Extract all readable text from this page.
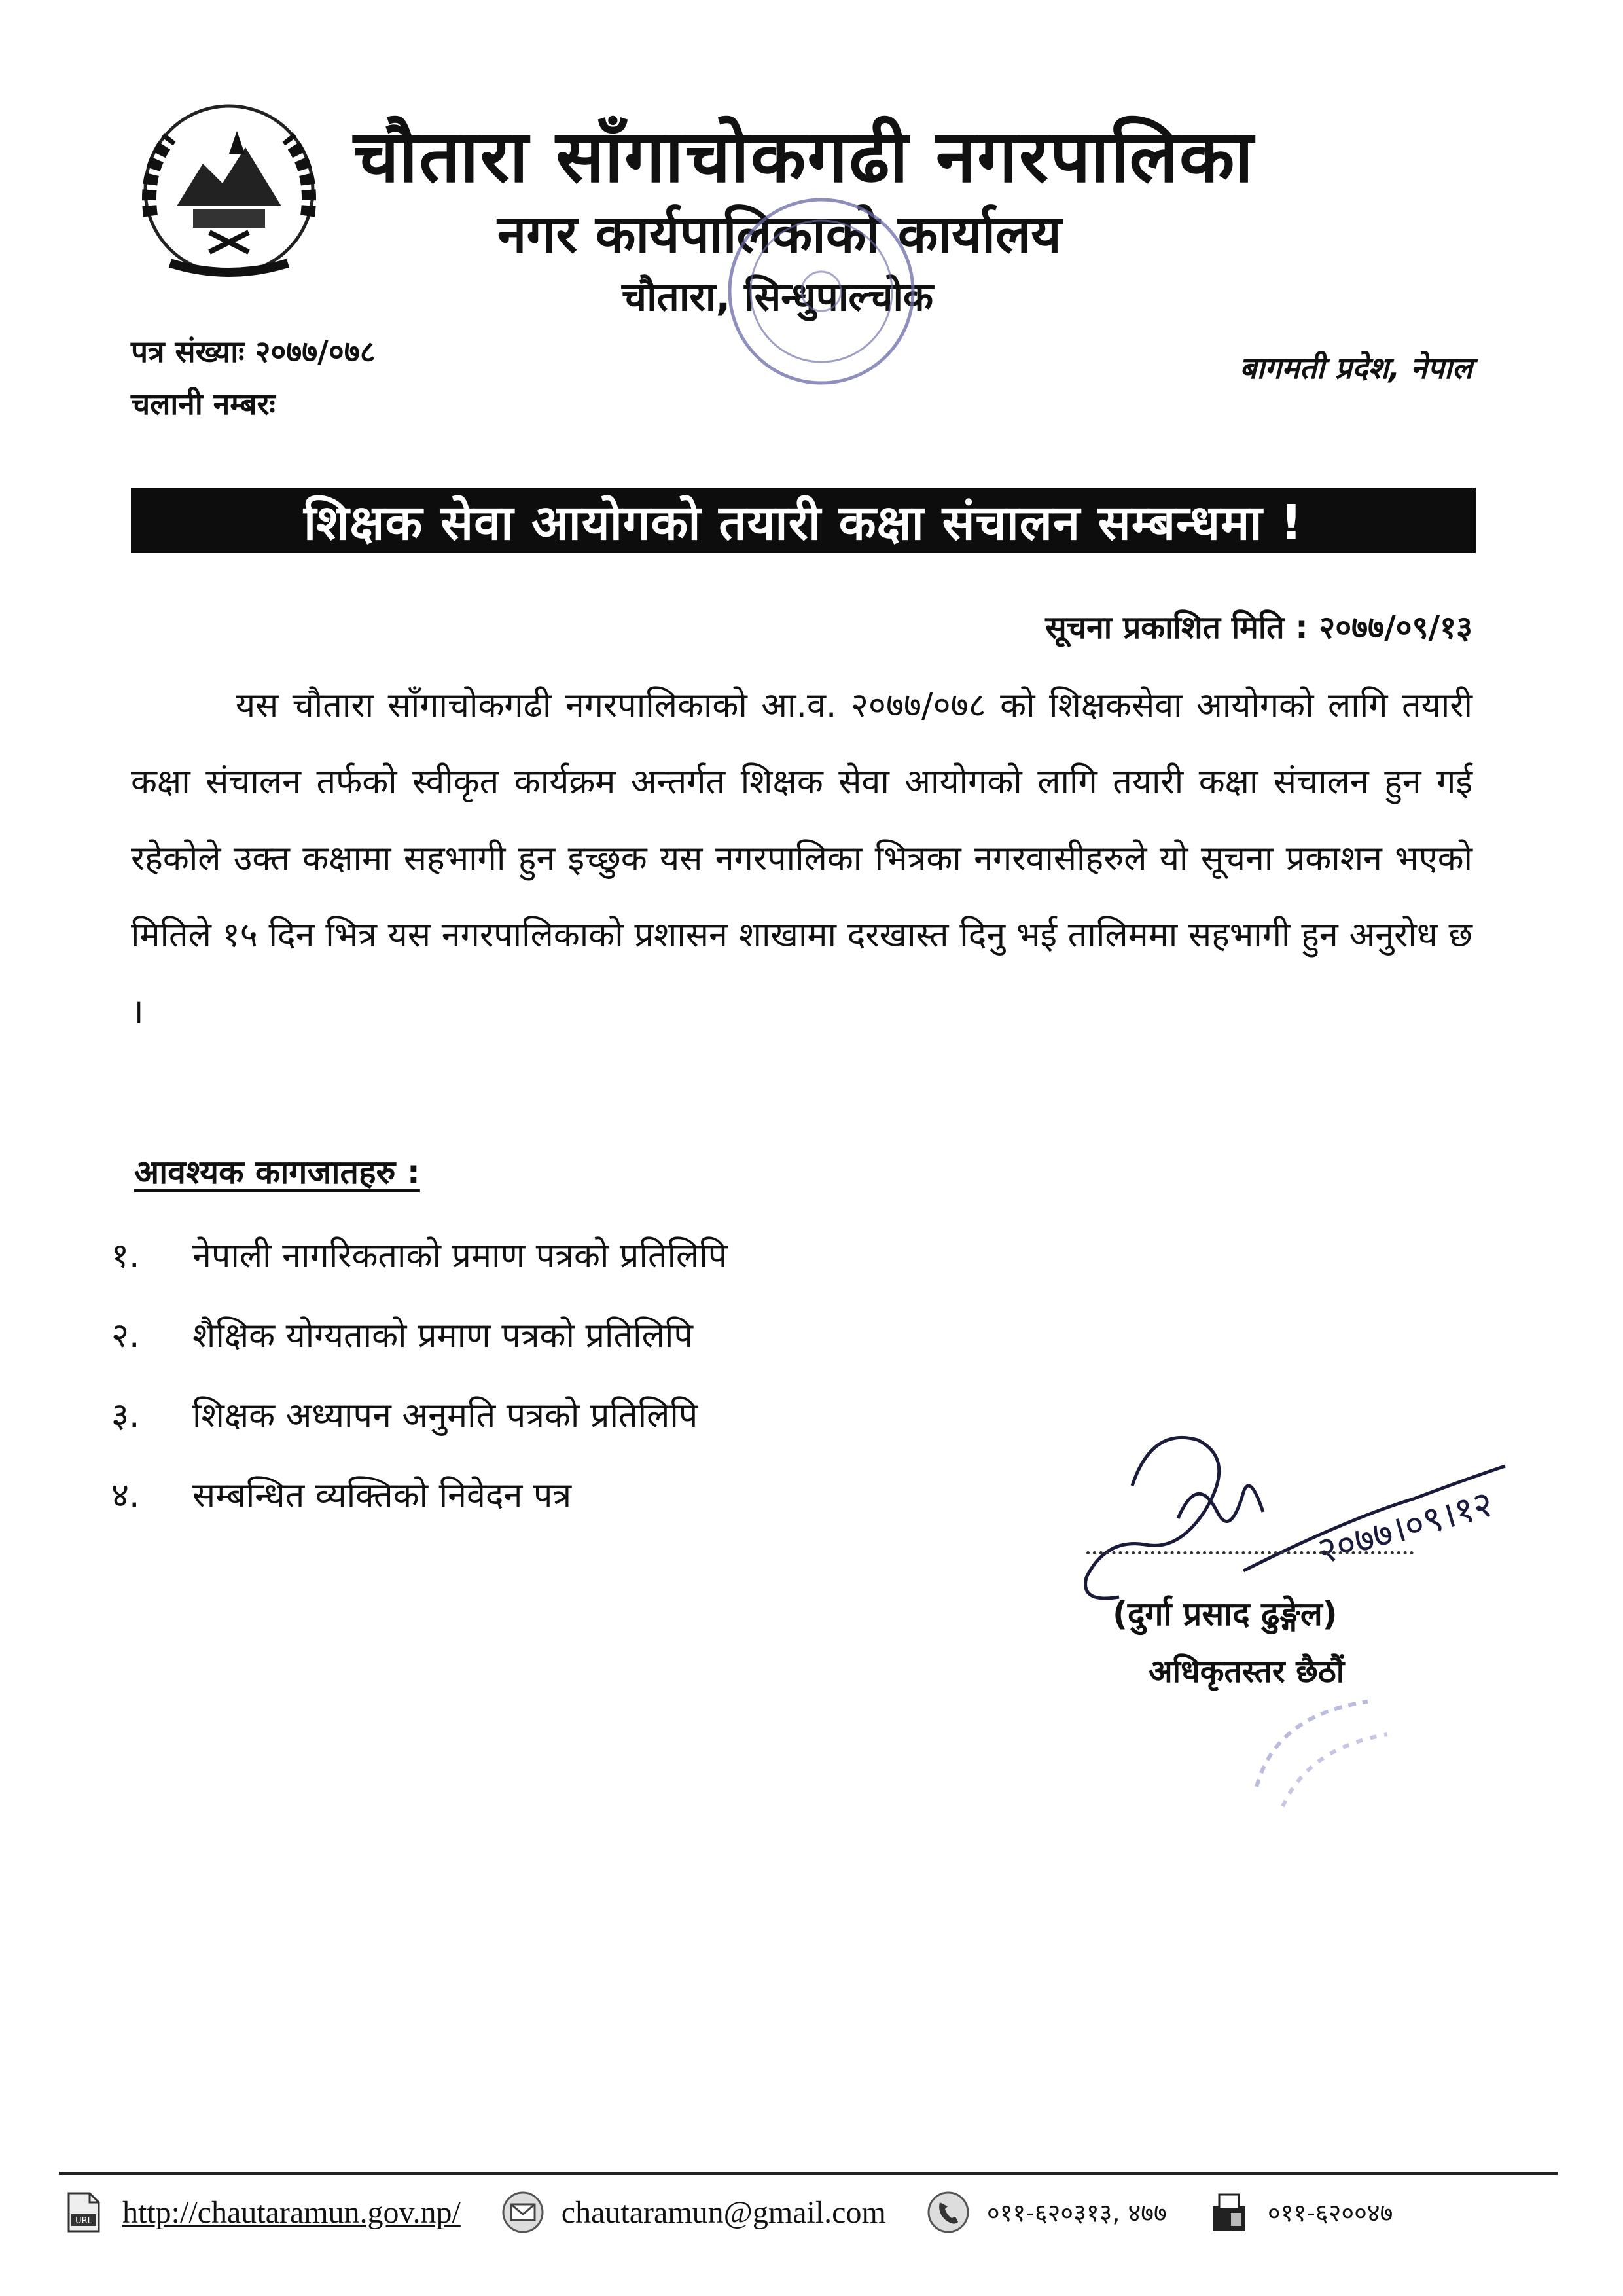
चौतारा साँगाचोकगढी नगरपालिका
नगर कार्यपालिकाको कार्यालय
चौतारा, सिन्धुपाल्चोक
पत्र संख्याः २०७७/०७८
चलानी नम्बरः
बागमती प्रदेश, नेपाल
शिक्षक सेवा आयोगको तयारी कक्षा संचालन सम्बन्धमा !
सूचना प्रकाशित मिति : २०७७/०९/१३
यस चौतारा साँगाचोकगढी नगरपालिकाको आ.व. २०७७/०७८ को शिक्षकसेवा आयोगको लागि तयारी कक्षा संचालन तर्फको स्वीकृत कार्यक्रम अन्तर्गत शिक्षक सेवा आयोगको लागि तयारी कक्षा संचालन हुन गई रहेकोले उक्त कक्षामा सहभागी हुन इच्छुक यस नगरपालिका भित्रका नगरवासीहरुले यो सूचना प्रकाशन भएको मितिले १५ दिन भित्र यस नगरपालिकाको प्रशासन शाखामा दरखास्त दिनु भई तालिममा सहभागी हुन अनुरोध छ ।
आवश्यक कागजातहरु :
१.	नेपाली नागरिकताको प्रमाण पत्रको प्रतिलिपि
२.	शैक्षिक योग्यताको प्रमाण पत्रको प्रतिलिपि
३.	शिक्षक अध्यापन अनुमति पत्रको प्रतिलिपि
४.	सम्बन्धित व्यक्तिको निवेदन पत्र	२०७७।०९।१२
(दुर्गा प्रसाद ढुङ्गेल)
अधिकृतस्तर छैठौं
URL http://chautaramun.gov.np/	chautaramun@gmail.com	०११-६२०३१३, ४७७	०११-६२००४७
